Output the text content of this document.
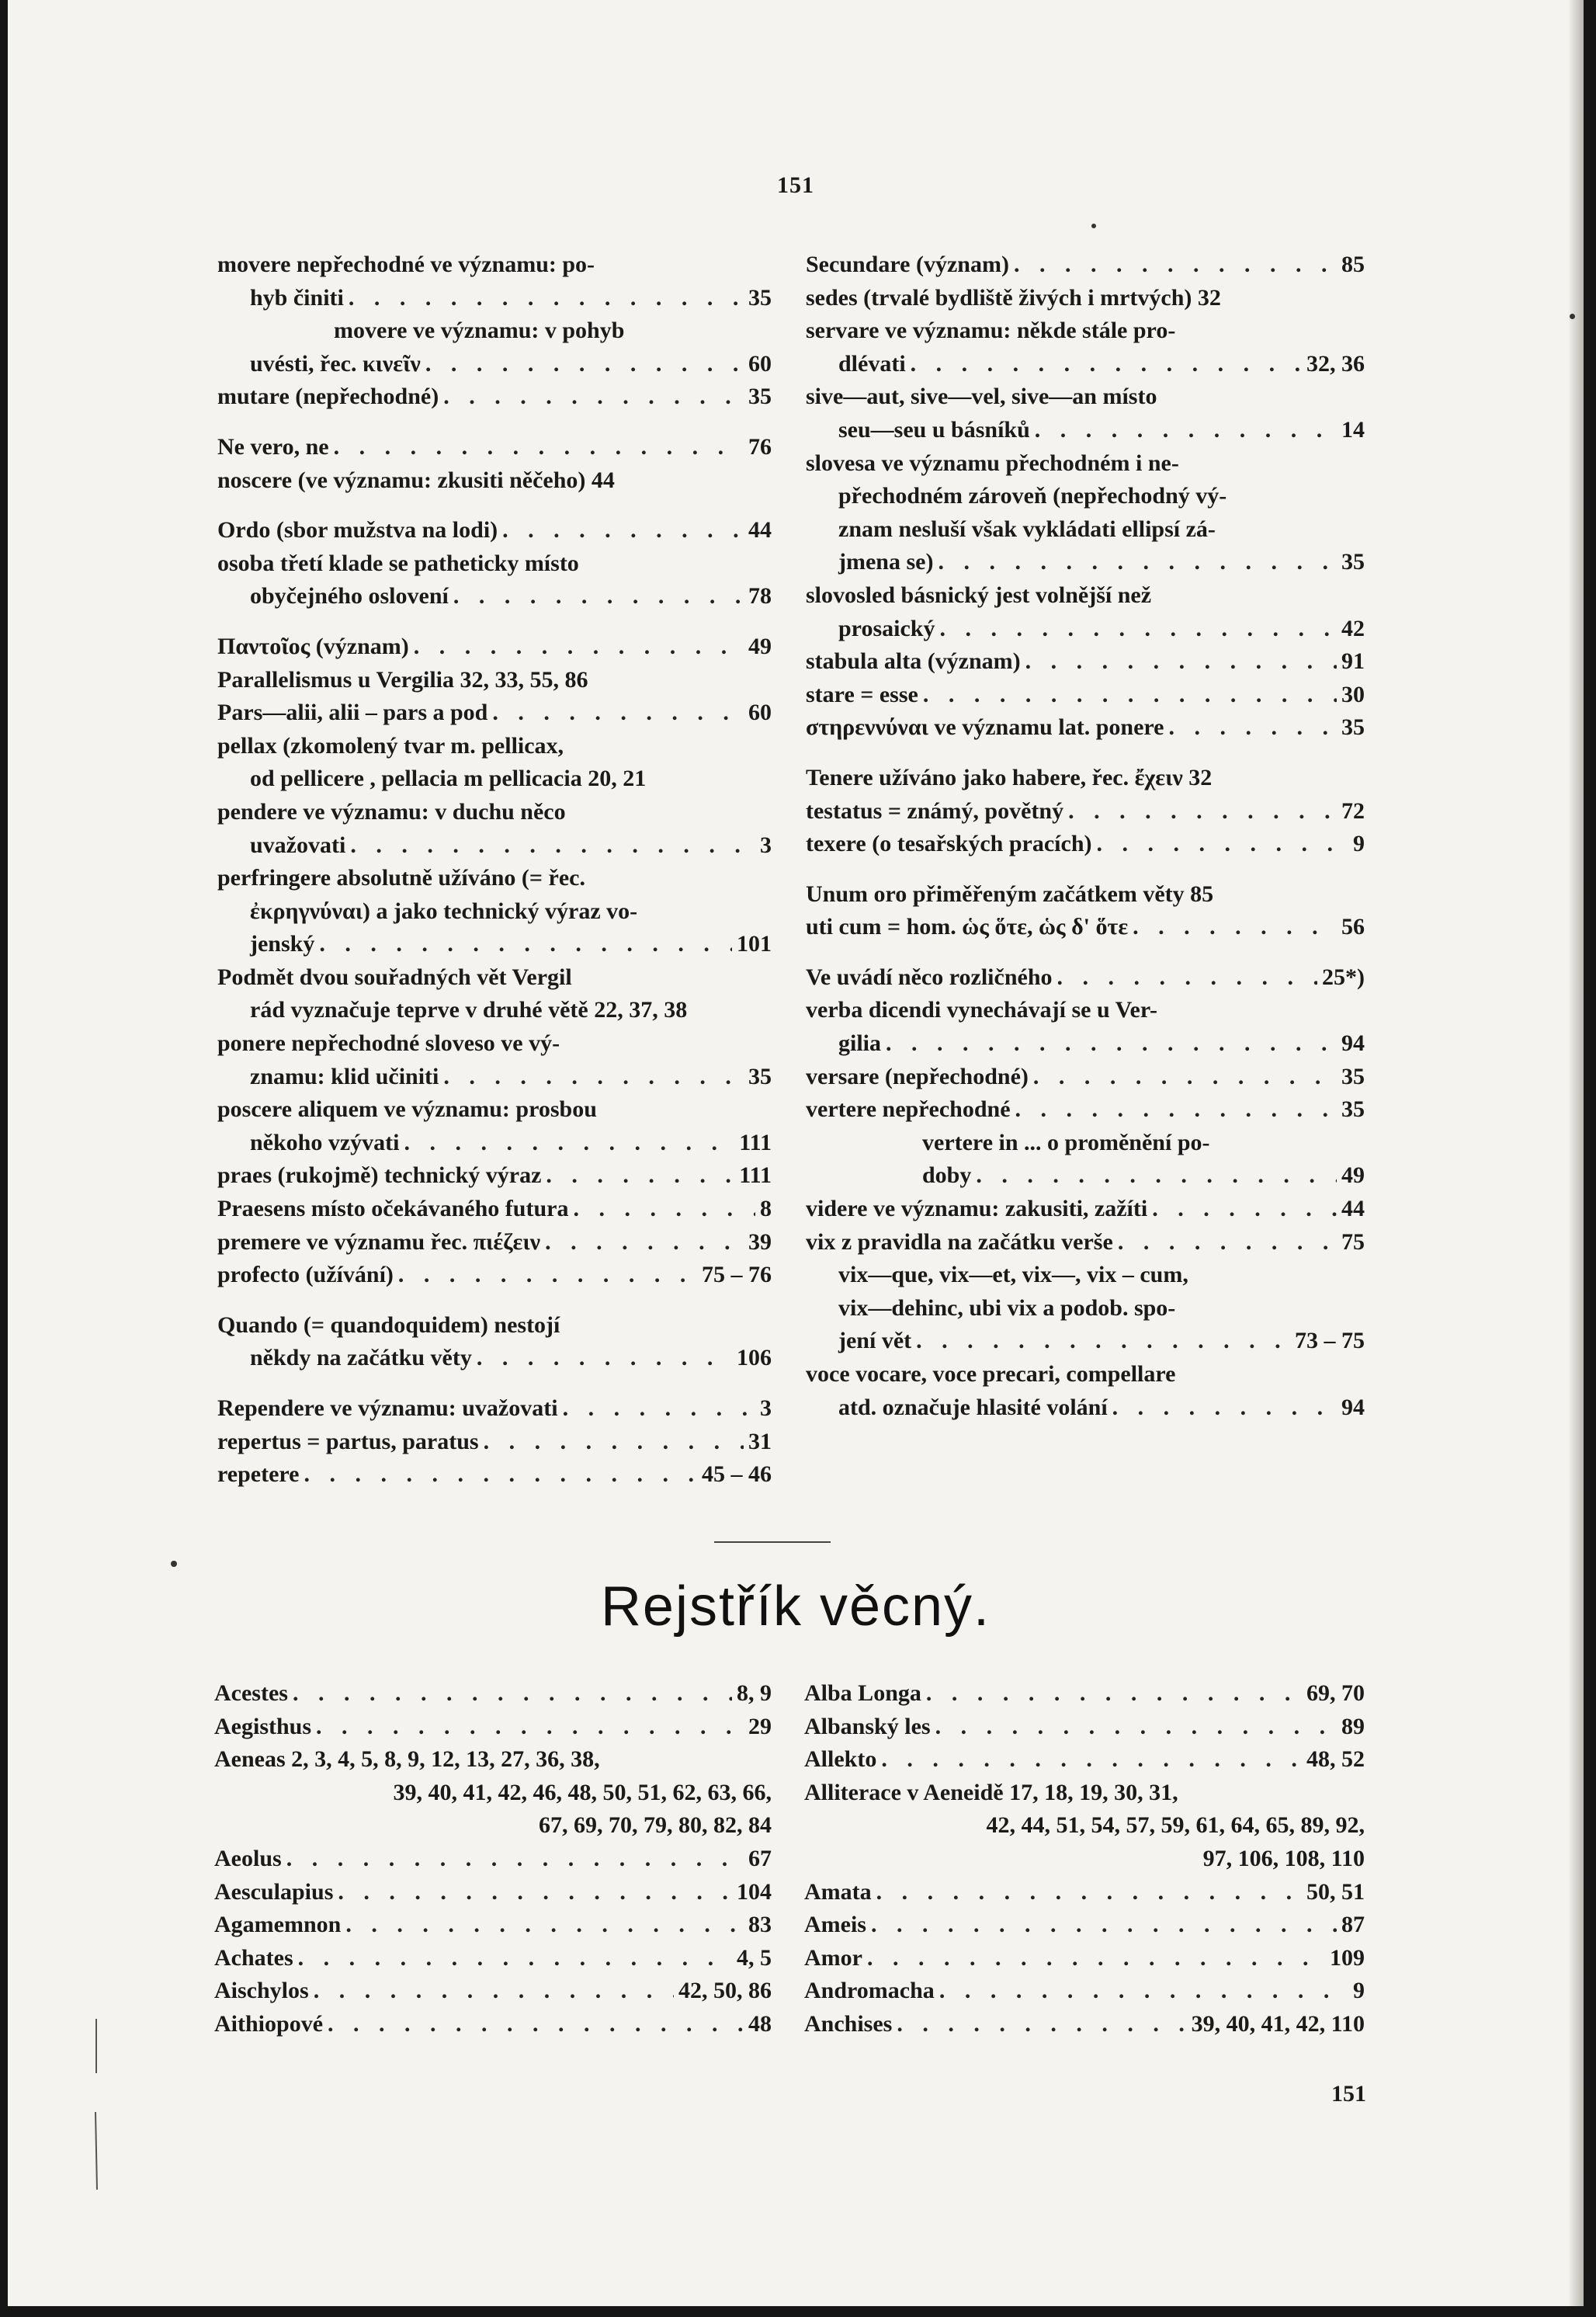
151
movere nepřechodné ve významu: po-
hyb činiti . . .	35
movere ve významu: v pohyb
uvésti, řec. κινεῖν . . .	60
mutare (nepřechodné) . . .	35
Ne vero, ne . . .	76
noscere (ve významu: zkusiti něčeho) 44
Ordo (sbor mužstva na lodi) . . .	44
osoba třetí klade se patheticky místo
obyčejného oslovení . . .	78
Παντοῖος (význam) . . .	49
Parallelismus u Vergilia 32, 33, 55, 86
Pars—alii, alii – pars a pod . . .	60
pellax (zkomolený tvar m. pellicax,
od pellicere , pellacia m pellicacia 20, 21
pendere ve významu: v duchu něco
uvažovati . . .	3
perfringere absolutně užíváno (= řec.
ἐκρηγνύναι) a jako technický výraz vo-
jenský . . .	101
Podmět dvou souřadných vět Vergil
rád vyznačuje teprve v druhé větě 22, 37, 38
ponere nepřechodné sloveso ve vý-
znamu: klid učiniti . . .	35
poscere aliquem ve významu: prosbou
někoho vzývati . . .	111
praes (rukojmě) technický výraz . . .	111
Praesens místo očekávaného futura . . .	8
premere ve významu řec. πιέζειν . . .	39
profecto (užívání) . . .	75 – 76
Quando (= quandoquidem) nestojí
někdy na začátku věty . . .	106
Rependere ve významu: uvažovati . . .	3
repertus = partus, paratus . . .	31
repetere . . .	45 – 46
Secundare (význam) . . .	85
sedes (trvalé bydliště živých i mrtvých) 32
servare ve významu: někde stále pro-
dlévati . . .	32, 36
sive—aut, sive—vel, sive—an místo
seu—seu u básníků . . .	14
slovesa ve významu přechodném i ne-
přechodném zároveň (nepřechodný vý-
znam nesluší však vykládati ellipsí zá-
jmena se) . . .	35
slovosled básnický jest volnější než
prosaický . . .	42
stabula alta (význam) . . .	91
stare = esse . . .	30
στηρεννύναι ve významu lat. ponere . . .	35
Tenere užíváno jako habere, řec. ἔχειν 32
testatus = známý, povětný . . .	72
texere (o tesařských pracích) . . .	9
Unum oro přiměřeným začátkem věty 85
uti cum = hom. ὡς ὅτε, ὡς δ' ὅτε . . .	56
Ve uvádí něco rozličného . . .	25*)
verba dicendi vynechávají se u Ver-
gilia . . .	94
versare (nepřechodné) . . .	35
vertere nepřechodné . . .	35
vertere in ... o proměnění po-
doby . . .	49
videre ve významu: zakusiti, zažíti . . .	44
vix z pravidla na začátku verše . . .	75
vix—que, vix—et, vix—, vix – cum,
vix—dehinc, ubi vix a podob. spo-
jení vět . . .	73 – 75
voce vocare, voce precari, compellare
atd. označuje hlasité volání . . .	94
Rejstřík věcný.
Acestes . . .	8, 9
Aegisthus . . .	29
Aeneas 2, 3, 4, 5, 8, 9, 12, 13, 27, 36, 38,
39, 40, 41, 42, 46, 48, 50, 51, 62, 63, 66,
67, 69, 70, 79, 80, 82, 84
Aeolus . . .	67
Aesculapius . . .	104
Agamemnon . . .	83
Achates . . .	4, 5
Aischylos . . .	42, 50, 86
Aithiopové . . .	48
Alba Longa . . .	69, 70
Albanský les . . .	89
Allekto . . .	48, 52
Alliterace v Aeneidě 17, 18, 19, 30, 31,
42, 44, 51, 54, 57, 59, 61, 64, 65, 89, 92,
97, 106, 108, 110
Amata . . .	50, 51
Ameis . . .	87
Amor . . .	109
Andromacha . . .	9
Anchises . . .	39, 40, 41, 42, 110
151
